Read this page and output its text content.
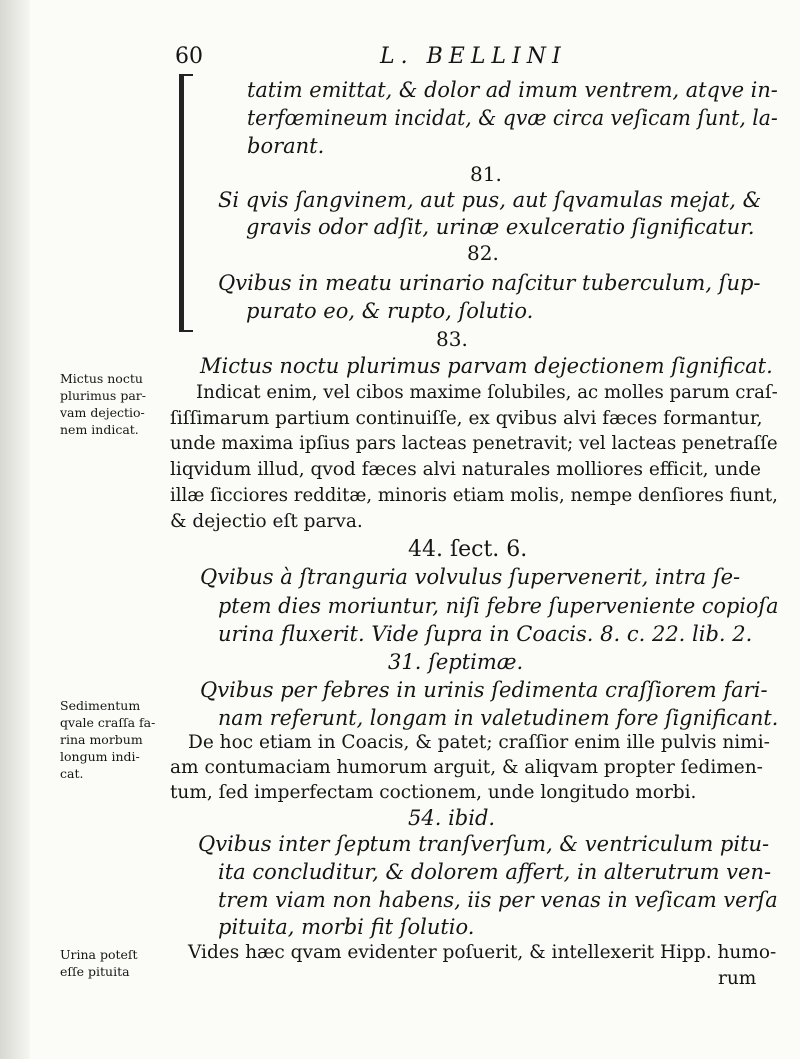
60	L. BELLINI
tatim emittat, & dolor ad imum ventrem, atqve in-
terfœmineum incidat, & qvæ circa veſicam ſunt, la-
borant.
81.
Si qvis ſangvinem, aut pus, aut ſqvamulas mejat, &
gravis odor adſit, urinæ exulceratio ſignificatur.
82.
Qvibus in meatu urinario naſcitur tuberculum, ſup-
purato eo, & rupto, ſolutio.
83.
Mictus noctu plurimus parvam dejectionem ſignificat.
Indicat enim, vel cibos maxime ſolubiles, ac molles parum craſ-
ſiſſimarum partium continuiſſe, ex qvibus alvi fæces formantur,
unde maxima ipſius pars lacteas penetravit; vel lacteas penetraſſe
liqvidum illud, qvod fæces alvi naturales molliores efficit, unde
illæ ſicciores redditæ, minoris etiam molis, nempe denſiores fiunt,
& dejectio eſt parva.
44. ſect. 6.
Qvibus à ſtranguria volvulus ſupervenerit, intra ſe-
ptem dies moriuntur, niſi febre ſuperveniente copioſa
urina fluxerit. Vide ſupra in Coacis. 8. c. 22. lib. 2.
31. ſeptimæ.
Qvibus per febres in urinis ſedimenta craſſiorem fari-
nam referunt, longam in valetudinem fore ſignificant.
De hoc etiam in Coacis, & patet; craſſior enim ille pulvis nimi-
am contumaciam humorum arguit, & aliqvam propter ſedimen-
tum, ſed imperfectam coctionem, unde longitudo morbi.
54. ibid.
Qvibus inter ſeptum tranſverſum, & ventriculum pitu-
ita concluditur, & dolorem affert, in alterutrum ven-
trem viam non habens, iis per venas in veſicam verſa
pituita, morbi fit ſolutio.
Vides hæc qvam evidenter poſuerit, & intellexerit Hipp. humo-
rum
Mictus noctu
plurimus par-
vam dejectio-
nem indicat.
Sedimentum
qvale craſſa fa-
rina morbum
longum indi-
cat.
Urina poteſt
eſſe pituita
